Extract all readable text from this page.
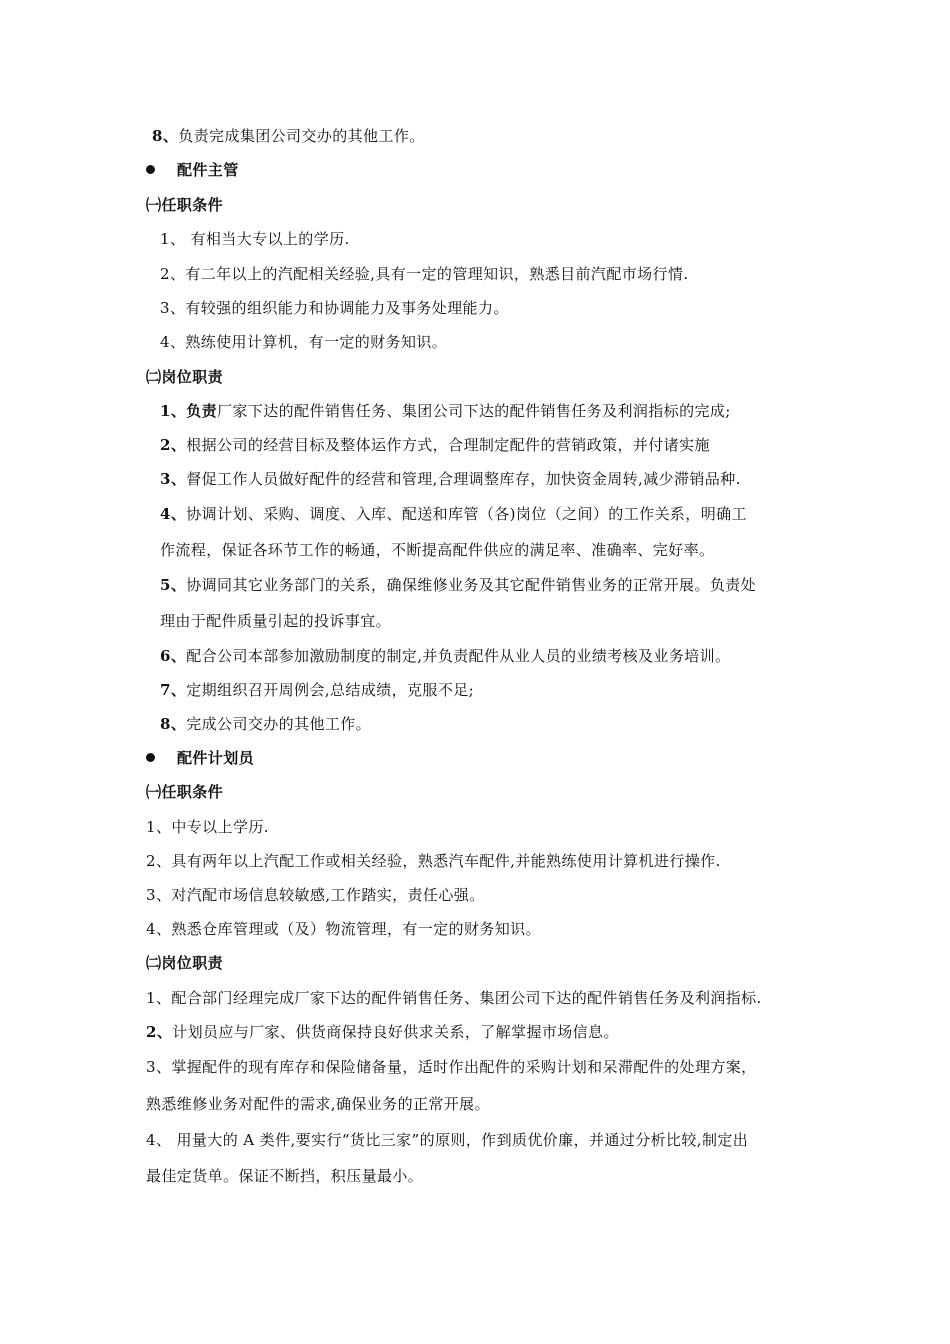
8、负责完成集团公司交办的其他工作。
配件主管
㈠任职条件
1、 有相当大专以上的学历.
2、有二年以上的汽配相关经验,具有一定的管理知识，熟悉目前汽配市场行情.
3、有较强的组织能力和协调能力及事务处理能力。
4、熟练使用计算机，有一定的财务知识。
㈡岗位职责
1、负责厂家下达的配件销售任务、集团公司下达的配件销售任务及利润指标的完成;
2、根据公司的经营目标及整体运作方式，合理制定配件的营销政策，并付诸实施
3、督促工作人员做好配件的经营和管理,合理调整库存，加快资金周转,减少滞销品种.
4、协调计划、采购、调度、入库、配送和库管（各)岗位（之间）的工作关系，明确工
作流程，保证各环节工作的畅通，不断提高配件供应的满足率、准确率、完好率。
5、协调同其它业务部门的关系，确保维修业务及其它配件销售业务的正常开展。负责处
理由于配件质量引起的投诉事宜。
6、配合公司本部参加激励制度的制定,并负责配件从业人员的业绩考核及业务培训。
7、定期组织召开周例会,总结成绩，克服不足;
8、完成公司交办的其他工作。
配件计划员
㈠任职条件
1、中专以上学历.
2、具有两年以上汽配工作或相关经验，熟悉汽车配件,并能熟练使用计算机进行操作.
3、对汽配市场信息较敏感,工作踏实，责任心强。
4、熟悉仓库管理或（及）物流管理，有一定的财务知识。
㈡岗位职责
1、配合部门经理完成厂家下达的配件销售任务、集团公司下达的配件销售任务及利润指标.
2、计划员应与厂家、供货商保持良好供求关系，了解掌握市场信息。
3、掌握配件的现有库存和保险储备量，适时作出配件的采购计划和呆滞配件的处理方案，
熟悉维修业务对配件的需求,确保业务的正常开展。
4、 用量大的 A 类件,要实行“货比三家”的原则，作到质优价廉，并通过分析比较,制定出
最佳定货单。保证不断挡，积压量最小。
